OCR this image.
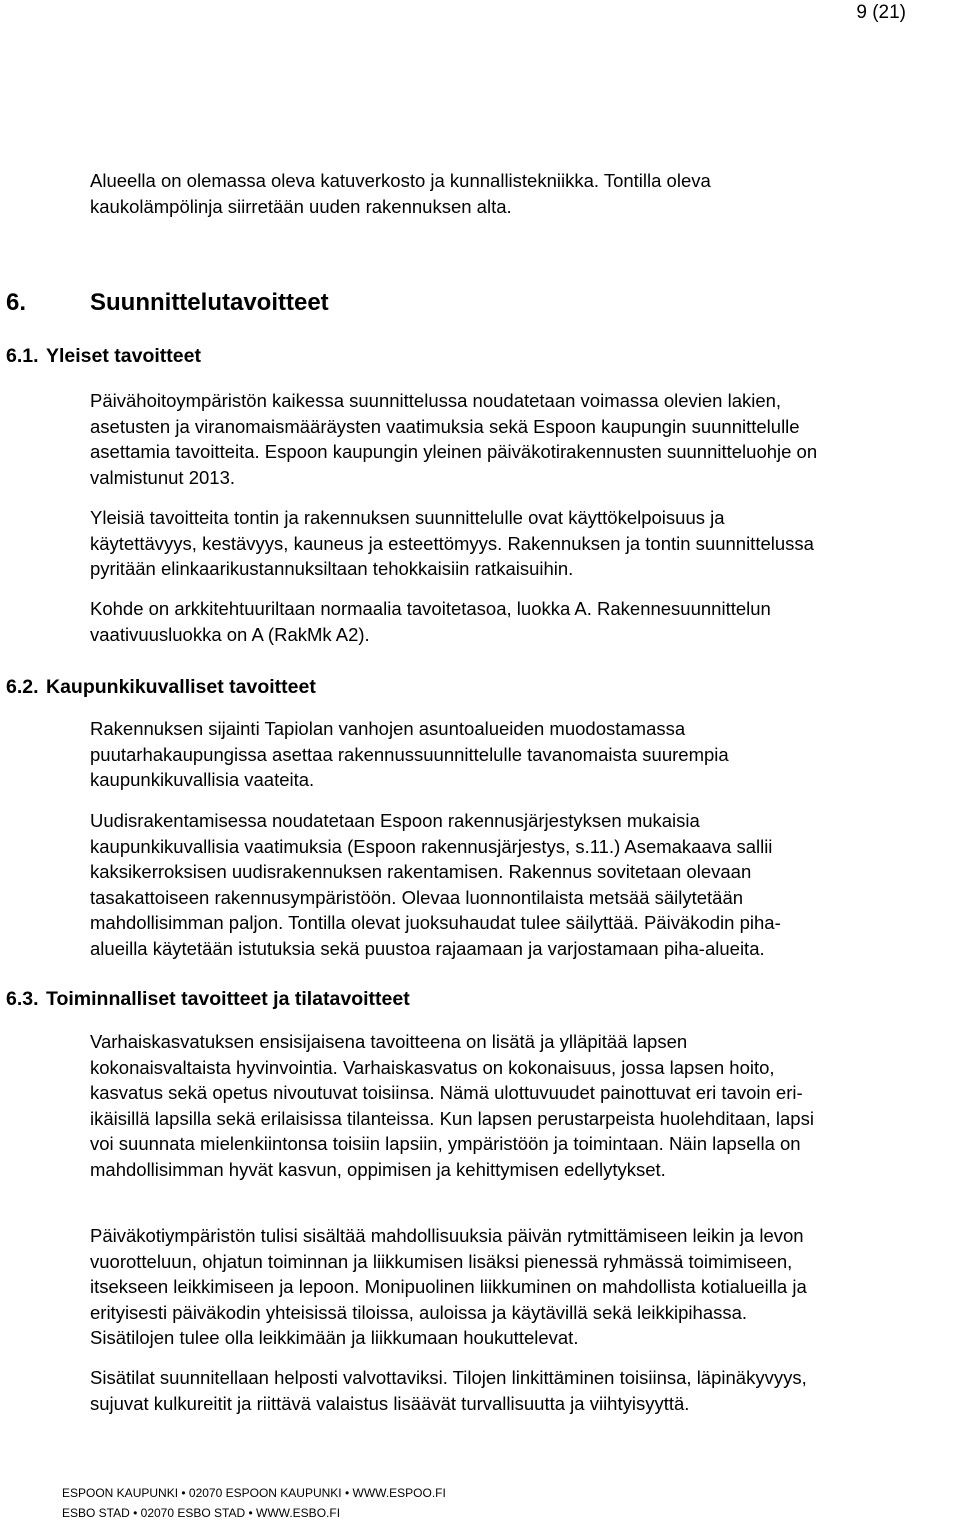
9 (21)
Alueella on olemassa oleva katuverkosto ja kunnallistekniikka. Tontilla oleva
kaukolämpölinja siirretään uuden rakennuksen alta.
6.	Suunnittelutavoitteet
6.1. Yleiset tavoitteet
Päivähoitoympäristön kaikessa suunnittelussa noudatetaan voimassa olevien lakien,
asetusten ja viranomaismääräysten vaatimuksia sekä Espoon kaupungin suunnittelulle
asettamia tavoitteita. Espoon kaupungin yleinen päiväkotirakennusten suunnitteluohje on
valmistunut 2013.
Yleisiä tavoitteita tontin ja rakennuksen suunnittelulle ovat käyttökelpoisuus ja
käytettävyys, kestävyys, kauneus ja esteettömyys. Rakennuksen ja tontin suunnittelussa
pyritään elinkaarikustannuksiltaan tehokkaisiin ratkaisuihin.
Kohde on arkkitehtuuriltaan normaalia tavoitetasoa, luokka A. Rakennesuunnittelun
vaativuusluokka on A (RakMk A2).
6.2. Kaupunkikuvalliset tavoitteet
Rakennuksen sijainti Tapiolan vanhojen asuntoalueiden muodostamassa
puutarhakaupungissa asettaa rakennussuunnittelulle tavanomaista suurempia
kaupunkikuvallisia vaateita.
Uudisrakentamisessa noudatetaan Espoon rakennusjärjestyksen mukaisia
kaupunkikuvallisia vaatimuksia (Espoon rakennusjärjestys, s.11.) Asemakaava sallii
kaksikerroksisen uudisrakennuksen rakentamisen. Rakennus sovitetaan olevaan
tasakattoiseen rakennusympäristöön. Olevaa luonnontilaista metsää säilytetään
mahdollisimman paljon. Tontilla olevat juoksuhaudat tulee säilyttää. Päiväkodin piha-
alueilla käytetään istutuksia sekä puustoa rajaamaan ja varjostamaan piha-alueita.
6.3. Toiminnalliset tavoitteet ja tilatavoitteet
Varhaiskasvatuksen ensisijaisena tavoitteena on lisätä ja ylläpitää lapsen
kokonaisvaltaista hyvinvointia. Varhaiskasvatus on kokonaisuus, jossa lapsen hoito,
kasvatus sekä opetus nivoutuvat toisiinsa. Nämä ulottuvuudet painottuvat eri tavoin eri-
ikäisillä lapsilla sekä erilaisissa tilanteissa. Kun lapsen perustarpeista huolehditaan, lapsi
voi suunnata mielenkiintonsa toisiin lapsiin, ympäristöön ja toimintaan. Näin lapsella on
mahdollisimman hyvät kasvun, oppimisen ja kehittymisen edellytykset.
Päiväkotiympäristön tulisi sisältää mahdollisuuksia päivän rytmittämiseen leikin ja levon
vuorotteluun, ohjatun toiminnan ja liikkumisen lisäksi pienessä ryhmässä toimimiseen,
itsekseen leikkimiseen ja lepoon. Monipuolinen liikkuminen on mahdollista kotialueilla ja
erityisesti päiväkodin yhteisissä tiloissa, auloissa ja käytävillä sekä leikkipihassa.
Sisätilojen tulee olla leikkimään ja liikkumaan houkuttelevat.
Sisätilat suunnitellaan helposti valvottaviksi. Tilojen linkittäminen toisiinsa, läpinäkyvyys,
sujuvat kulkureitit ja riittävä valaistus lisäävät turvallisuutta ja viihtyisyyttä.
ESPOON KAUPUNKI • 02070 ESPOON KAUPUNKI • WWW.ESPOO.FI
ESBO STAD • 02070 ESBO STAD • WWW.ESBO.FI
